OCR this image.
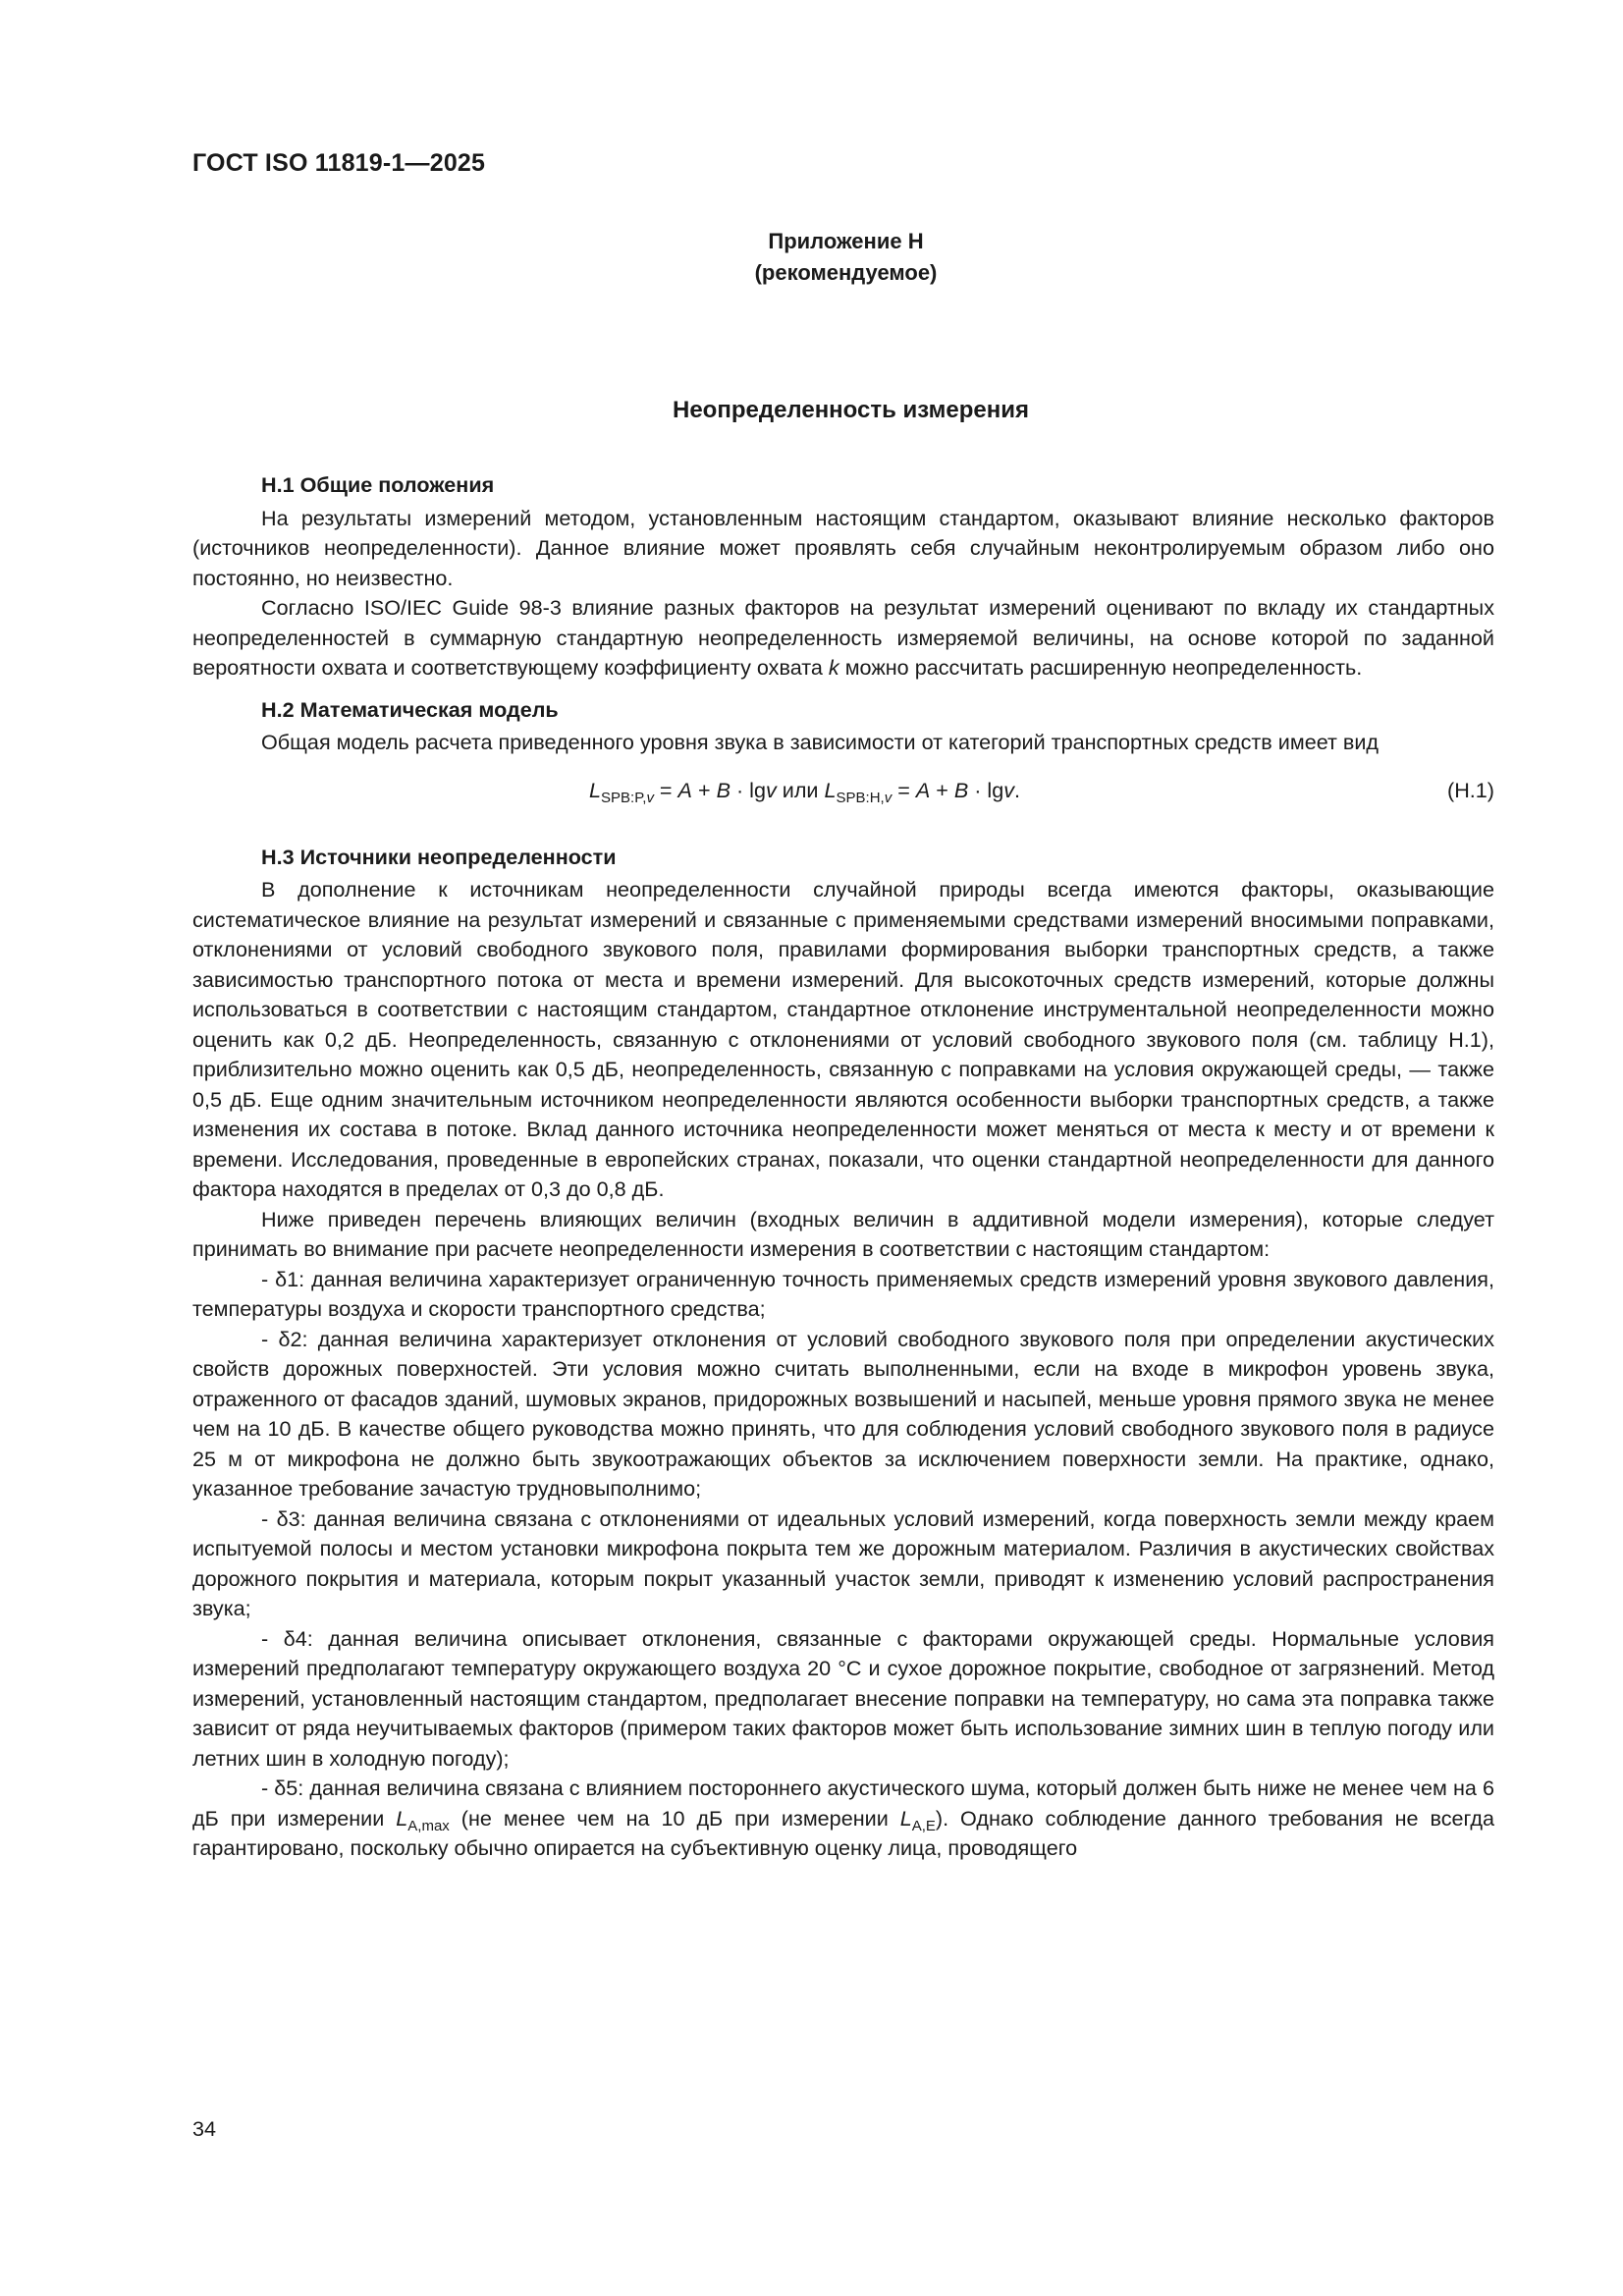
ГОСТ ISO 11819-1—2025
Приложение Н
(рекомендуемое)
Неопределенность измерения
Н.1 Общие положения

На результаты измерений методом, установленным настоящим стандартом, оказывают влияние несколько факторов (источников неопределенности). Данное влияние может проявлять себя случайным неконтролируемым образом либо оно постоянно, но неизвестно.

Согласно ISO/IEC Guide 98-3 влияние разных факторов на результат измерений оценивают по вкладу их стандартных неопределенностей в суммарную стандартную неопределенность измеряемой величины, на основе которой по заданной вероятности охвата и соответствующему коэффициенту охвата k можно рассчитать расширенную неопределенность.

Н.2 Математическая модель

Общая модель расчета приведенного уровня звука в зависимости от категорий транспортных средств имеет вид

$L_{SPB:P,v} = A + B \cdot \lg v$ или $L_{SPB:H,v} = A + B \cdot \lg v$.	(Н.1)
Н.3 Источники неопределенности

В дополнение к источникам неопределенности случайной природы всегда имеются факторы, оказывающие систематическое влияние на результат измерений и связанные с применяемыми средствами измерений вносимыми поправками, отклонениями от условий свободного звукового поля, правилами формирования выборки транспортных средств, а также зависимостью транспортного потока от места и времени измерений. Для высокоточных средств измерений, которые должны использоваться в соответствии с настоящим стандартом, стандартное отклонение инструментальной неопределенности можно оценить как 0,2 дБ. Неопределенность, связанную с отклонениями от условий свободного звукового поля (см. таблицу Н.1), приблизительно можно оценить как 0,5 дБ, неопределенность, связанную с поправками на условия окружающей среды, — также 0,5 дБ. Еще одним значительным источником неопределенности являются особенности выборки транспортных средств, а также изменения их состава в потоке. Вклад данного источника неопределенности может меняться от места к месту и от времени к времени. Исследования, проведенные в европейских странах, показали, что оценки стандартной неопределенности для данного фактора находятся в пределах от 0,3 до 0,8 дБ.

Ниже приведен перечень влияющих величин (входных величин в аддитивной модели измерения), которые следует принимать во внимание при расчете неопределенности измерения в соответствии с настоящим стандартом:

- δ1: данная величина характеризует ограниченную точность применяемых средств измерений уровня звукового давления, температуры воздуха и скорости транспортного средства;

- δ2: данная величина характеризует отклонения от условий свободного звукового поля при определении акустических свойств дорожных поверхностей. Эти условия можно считать выполненными, если на входе в микрофон уровень звука, отраженного от фасадов зданий, шумовых экранов, придорожных возвышений и насыпей, меньше уровня прямого звука не менее чем на 10 дБ. В качестве общего руководства можно принять, что для соблюдения условий свободного звукового поля в радиусе 25 м от микрофона не должно быть звукоотражающих объектов за исключением поверхности земли. На практике, однако, указанное требование зачастую трудновыполнимо;

- δ3: данная величина связана с отклонениями от идеальных условий измерений, когда поверхность земли между краем испытуемой полосы и местом установки микрофона покрыта тем же дорожным материалом. Различия в акустических свойствах дорожного покрытия и материала, которым покрыт указанный участок земли, приводят к изменению условий распространения звука;

- δ4: данная величина описывает отклонения, связанные с факторами окружающей среды. Нормальные условия измерений предполагают температуру окружающего воздуха 20 °С и сухое дорожное покрытие, свободное от загрязнений. Метод измерений, установленный настоящим стандартом, предполагает внесение поправки на температуру, но сама эта поправка также зависит от ряда неучитываемых факторов (примером таких факторов может быть использование зимних шин в теплую погоду или летних шин в холодную погоду);

- δ5: данная величина связана с влиянием постороннего акустического шума, который должен быть ниже не менее чем на 6 дБ при измерении $L_{A,max}$ (не менее чем на 10 дБ при измерении $L_{A,E}$). Однако соблюдение данного требования не всегда гарантировано, поскольку обычно опирается на субъективную оценку лица, проводящего

34
